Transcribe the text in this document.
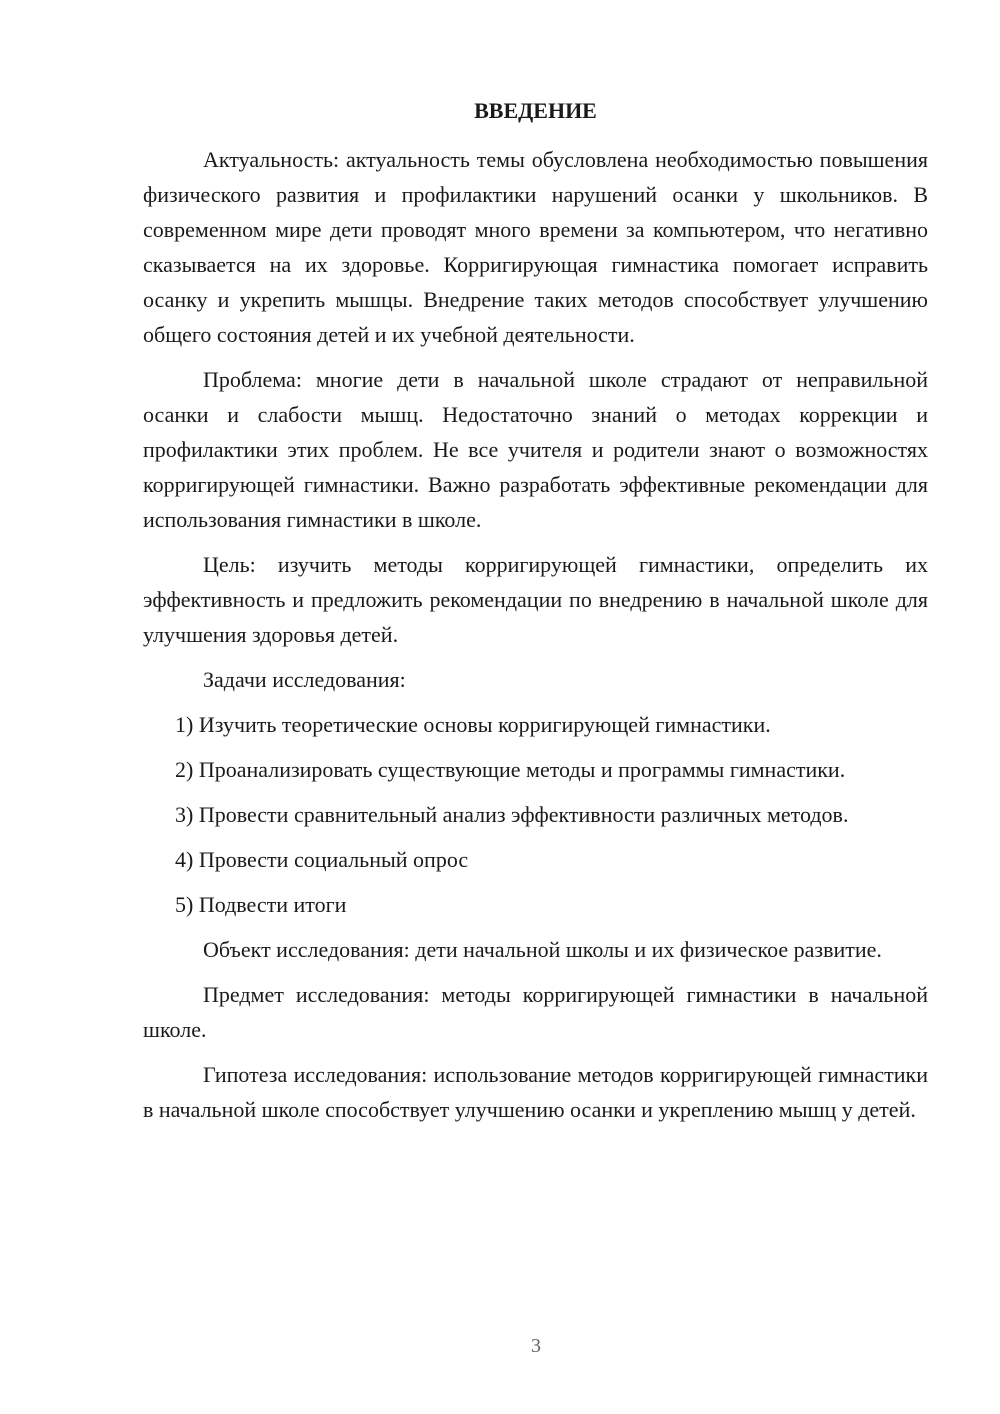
ВВЕДЕНИЕ

Актуальность: актуальность темы обусловлена необходимостью повышения физического развития и профилактики нарушений осанки у школьников. В современном мире дети проводят много времени за компьютером, что негативно сказывается на их здоровье. Корригирующая гимнастика помогает исправить осанку и укрепить мышцы. Внедрение таких методов способствует улучшению общего состояния детей и их учебной деятельности.

Проблема: многие дети в начальной школе страдают от неправильной осанки и слабости мышц. Недостаточно знаний о методах коррекции и профилактики этих проблем. Не все учителя и родители знают о возможностях корригирующей гимнастики. Важно разработать эффективные рекомендации для использования гимнастики в школе.

Цель: изучить методы корригирующей гимнастики, определить их эффективность и предложить рекомендации по внедрению в начальной школе для улучшения здоровья детей.

Задачи исследования:

1) Изучить теоретические основы корригирующей гимнастики.

2) Проанализировать существующие методы и программы гимнастики.

3) Провести сравнительный анализ эффективности различных методов.

4) Провести социальный опрос

5) Подвести итоги

Объект исследования: дети начальной школы и их физическое развитие.

Предмет исследования: методы корригирующей гимнастики в начальной школе.

Гипотеза исследования: использование методов корригирующей гимнастики в начальной школе способствует улучшению осанки и укреплению мышц у детей.

3
